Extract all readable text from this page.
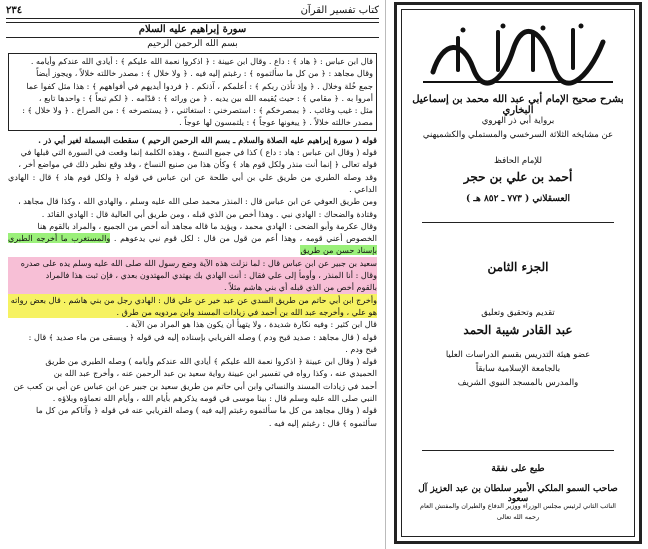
٢٣٤	كتاب تفسير القرآن
سورة إبراهيم عليه السلام
بسم الله الرحمن الرحيم

قال ابن عباس : ﴿ هاد ﴾ : داع . وقال ابن عيينة : ﴿ اذكروا نعمة الله عليكم ﴾ : أيادي الله عندكم وأيامه .

وقال مجاهد : ﴿ من كل ما سألتموه ﴾ : رغبتم إليه فيه . ﴿ ولا خلال ﴾ : مصدر خاللته خلالاً ، ويجوز أيضاً

جمع خُلة وخلال . ﴿ وإذ تأذن ربكم ﴾ : أعلمكم ، آذنكم . ﴿ فردوا أيديهم في أفواههم ﴾ : هذا مثل كفوا عما

أمروا به . ﴿ مقامي ﴾ : حيث يُقيمه الله بين يديه . ﴿ من ورائه ﴾ : قدّامه . ﴿ لكم تبعاً ﴾ : واحدها تابع ،

مثل : غيب وغائب . ﴿ بمصرخكم ﴾ : استصرخني : استغاثني ، ﴿ يستصرخه ﴾ : من الصراخ . ﴿ ولا خلال ﴾ :

مصدر خاللته خلالاً . ﴿ يبغونها عوجاً ﴾ : يلتمسون لها عوجاً .

قوله ( سورة إبراهيم عليه الصلاة والسلام ـ بسم الله الرحمن الرحيم ) سقطت البسملة لغير أبي ذر .

قوله ( وقال ابن عباس : هاد : داع ) كذا في جميع النسخ ، وهذه الكلمة إنما وقعت في السورة التي قبلها في

قوله تعالى ﴿ إنما أنت منذر ولكل قوم هاد ﴾ وكأن هذا من صنيع النساخ ، وقد وقع نظير ذلك في مواضع أخر ،

وقد وصله الطبري من طريق علي بن أبي طلحة عن ابن عباس في قوله ﴿ ولكل قوم هاد ﴾ قال : الهادي الداعي .

ومن طريق العوفي عن ابن عباس قال : المنذر محمد صلى الله عليه وسلم ، والهادي الله ، وكذا قال مجاهد ،

وقتادة والضحاك : الهادي نبي . وهذا أخص من الذي قبله ، ومن طريق أبي العالية قال : الهادي القائد .

وقال عكرمة وأبو الضحى : الهادي محمد ، ويؤيد ما قاله مجاهد أنه أخص من الجميع ، والمراد بالقوم هنا

الخصوص أعني قومه ، وهذا أعم من قول من قال : لكل قوم نبي يدعوهم . والمستغرب ما أخرجه الطبري بإسناد حسن من طريق

سعيد بن جبير عن ابن عباس قال : لما نزلت هذه الآية وضع رسول الله صلى الله عليه وسلم يده على صدره

وقال : أنا المنذر ، وأومأ إلى علي فقال : أنت الهادي بك يهتدي المهتدون بعدي ، فإن ثبت هذا فالمراد

بالقوم أخص من الذي قبله أي بني هاشم مثلاً .

وأخرج ابن أبي حاتم من طريق السدي عن عبد خير عن علي قال : الهادي رجل من بني هاشم . قال بعض رواته

هو علي ، وأخرجه عبد الله بن أحمد في زيادات المسند وابن مردويه من طرق .

قال ابن كثير : وفيه نكارة شديدة ، ولا يتهيأ أن يكون هذا هو المراد من الآية .

قوله ( قال مجاهد : صديد قيح ودم ) وصله الفريابي بإسناده إليه في قوله ﴿ ويسقى من ماء صديد ﴾ قال :

قيح ودم .

قوله ( وقال ابن عيينة ﴿ اذكروا نعمة الله عليكم ﴾ أيادي الله عندكم وأيامه ) وصله الطبري من طريق

الحميدي عنه ، وكذا رواه في تفسير ابن عيينة رواية سعيد بن عبد الرحمن عنه ، وأخرج عبد الله بن

أحمد في زيادات المسند والنسائي وابن أبي حاتم من طريق سعيد بن جبير عن ابن عباس عن أبي بن كعب عن

النبي صلى الله عليه وسلم قال : بينا موسى في قومه يذكرهم بأيام الله ، وأيام الله نعماؤه وبلاؤه .

قوله ( وقال مجاهد من كل ما سألتموه رغبتم إليه فيه ) وصله الفريابي عنه في قوله ﴿ وآتاكم من كل ما

سألتموه ﴾ قال : رغبتم إليه فيه .

بشرح صحيح الإمام أبي عبد الله محمد بن إسماعيل البخاري
برواية أبي ذر الهروي
عن مشايخه الثلاثة السرخسي والمستملي والكشميهني
للإمام الحافظ
أحمد بن علي بن حجر
العسقلاني ( ٧٧٣ ـ ٨٥٢ هـ )
الجزء الثامن
تقديم وتحقيق وتعليق
عبد القادر شيبة الحمد
عضو هيئة التدريس بقسم الدراسات العليا
بالجامعة الإسلامية سابقاً
والمدرس بالمسجد النبوي الشريف
طبع على نفقة
صاحب السمو الملكي الأمير سلطان بن عبد العزيز آل سعود
النائب الثاني لرئيس مجلس الوزراء ووزير الدفاع والطيران والمفتش العام
رحمه الله تعالى
